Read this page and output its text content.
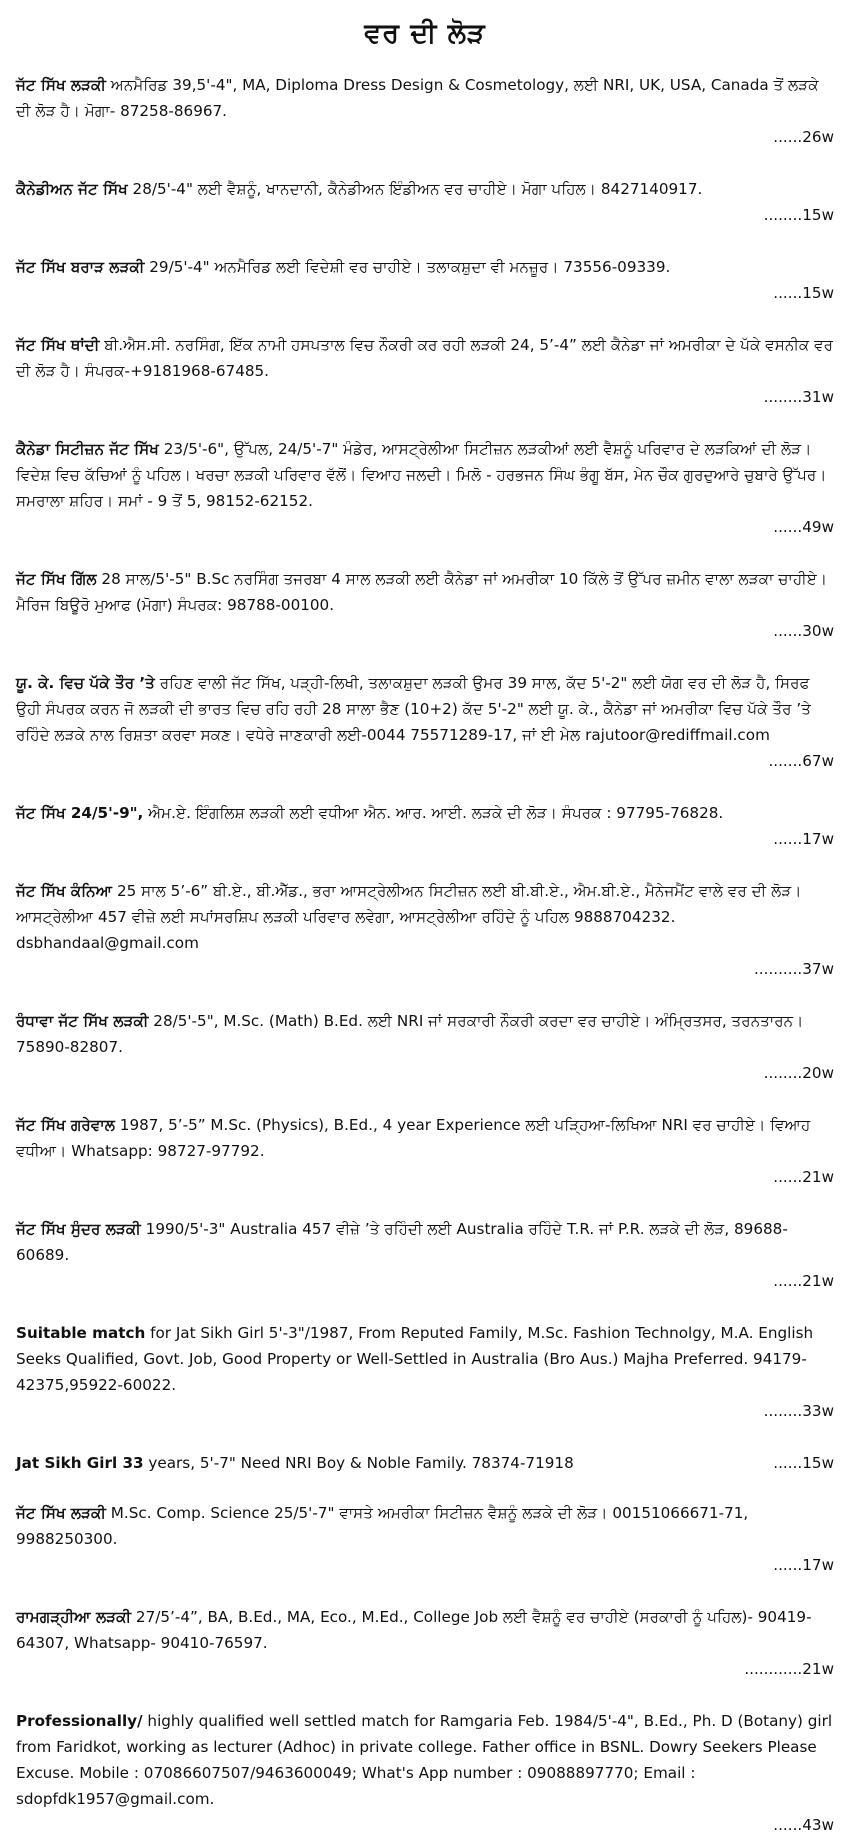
ਵਰ ਦੀ ਲੋੜ
ਜੱਟ ਸਿੱਖ ਲੜਕੀ ਅਨਮੈਰਿਡ 39,5'-4", MA, Diploma Dress Design & Cosmetology, ਲਈ NRI, UK, USA, Canada ਤੋਂ ਲੜਕੇ ਦੀ ਲੋੜ ਹੈ। ਮੋਗਾ- 87258-86967.
......26w
ਕੈਨੇਡੀਅਨ ਜੱਟ ਸਿੱਖ 28/5'-4" ਲਈ ਵੈਸ਼ਨੂੰ, ਖਾਨਦਾਨੀ, ਕੈਨੇਡੀਅਨ ਇੰਡੀਅਨ ਵਰ ਚਾਹੀਏ। ਮੋਗਾ ਪਹਿਲ। 8427140917.
........15w
ਜੱਟ ਸਿੱਖ ਬਰਾੜ ਲੜਕੀ 29/5'-4" ਅਨਮੈਰਿਡ ਲਈ ਵਿਦੇਸ਼ੀ ਵਰ ਚਾਹੀਏ। ਤਲਾਕਸ਼ੁਦਾ ਵੀ ਮਨਜ਼ੂਰ। 73556-09339.
......15w
ਜੱਟ ਸਿੱਖ ਥਾਂਦੀ ਬੀ.ਐਸ.ਸੀ. ਨਰਸਿੰਗ, ਇੱਕ ਨਾਮੀ ਹਸਪਤਾਲ ਵਿਚ ਨੌਕਰੀ ਕਰ ਰਹੀ ਲੜਕੀ 24, 5’-4” ਲਈ ਕੈਨੇਡਾ ਜਾਂ ਅਮਰੀਕਾ ਦੇ ਪੱਕੇ ਵਸਨੀਕ ਵਰ ਦੀ ਲੋੜ ਹੈ। ਸੰਪਰਕ-+9181968-67485.
........31w
ਕੈਨੇਡਾ ਸਿਟੀਜ਼ਨ ਜੱਟ ਸਿੱਖ 23/5'-6", ਉੱਪਲ, 24/5'-7" ਮੰਡੇਰ, ਆਸਟ੍ਰੇਲੀਆ ਸਿਟੀਜ਼ਨ ਲੜਕੀਆਂ ਲਈ ਵੈਸ਼ਨੂੰ ਪਰਿਵਾਰ ਦੇ ਲੜਕਿਆਂ ਦੀ ਲੋੜ। ਵਿਦੇਸ਼ ਵਿਚ ਕੱਚਿਆਂ ਨੂੰ ਪਹਿਲ। ਖਰਚਾ ਲੜਕੀ ਪਰਿਵਾਰ ਵੱਲੋਂ। ਵਿਆਹ ਜਲਦੀ। ਮਿਲੋ - ਹਰਭਜਨ ਸਿੰਘ ਭੰਗੂ ਬੱਸ, ਮੇਨ ਚੌਕ ਗੁਰਦੁਆਰੇ ਚੁਬਾਰੇ ਉੱਪਰ। ਸਮਰਾਲਾ ਸ਼ਹਿਰ। ਸਮਾਂ - 9 ਤੋਂ 5, 98152-62152.
......49w
ਜੱਟ ਸਿੱਖ ਗਿੱਲ 28 ਸਾਲ/5'-5" B.Sc ਨਰਸਿੰਗ ਤਜਰਬਾ 4 ਸਾਲ ਲੜਕੀ ਲਈ ਕੈਨੇਡਾ ਜਾਂ ਅਮਰੀਕਾ 10 ਕਿੱਲੇ ਤੋਂ ਉੱਪਰ ਜ਼ਮੀਨ ਵਾਲਾ ਲੜਕਾ ਚਾਹੀਏ। ਮੈਰਿਜ ਬਿਊਰੋ ਮੁਆਫ (ਮੋਗਾ) ਸੰਪਰਕ: 98788-00100.
......30w
ਯੂ. ਕੇ. ਵਿਚ ਪੱਕੇ ਤੌਰ ’ਤੇ ਰਹਿਣ ਵਾਲੀ ਜੱਟ ਸਿੱਖ, ਪੜ੍ਹੀ-ਲਿਖੀ, ਤਲਾਕਸ਼ੁਦਾ ਲੜਕੀ ਉਮਰ 39 ਸਾਲ, ਕੱਦ 5'-2" ਲਈ ਯੋਗ ਵਰ ਦੀ ਲੋੜ ਹੈ, ਸਿਰਫ ਉਹੀ ਸੰਪਰਕ ਕਰਨ ਜੋ ਲੜਕੀ ਦੀ ਭਾਰਤ ਵਿਚ ਰਹਿ ਰਹੀ 28 ਸਾਲਾ ਭੈਣ (10+2) ਕੱਦ 5'-2" ਲਈ ਯੂ. ਕੇ., ਕੈਨੇਡਾ ਜਾਂ ਅਮਰੀਕਾ ਵਿਚ ਪੱਕੇ ਤੌਰ ’ਤੇ ਰਹਿੰਦੇ ਲੜਕੇ ਨਾਲ ਰਿਸ਼ਤਾ ਕਰਵਾ ਸਕਣ। ਵਧੇਰੇ ਜਾਣਕਾਰੀ ਲਈ-0044 75571289-17, ਜਾਂ ਈ ਮੇਲ rajutoor@rediffmail.com
.......67w
ਜੱਟ ਸਿੱਖ 24/5'-9", ਐਮ.ਏ. ਇੰਗਲਿਸ਼ ਲੜਕੀ ਲਈ ਵਧੀਆ ਐਨ. ਆਰ. ਆਈ. ਲੜਕੇ ਦੀ ਲੋੜ। ਸੰਪਰਕ : 97795-76828.
......17w
ਜੱਟ ਸਿੱਖ ਕੰਨਿਆ 25 ਸਾਲ 5’-6” ਬੀ.ਏ., ਬੀ.ਐੱਡ., ਭਰਾ ਆਸਟ੍ਰੇਲੀਅਨ ਸਿਟੀਜ਼ਨ ਲਈ ਬੀ.ਬੀ.ਏ., ਐਮ.ਬੀ.ਏ., ਮੈਨੇਜਮੈਂਟ ਵਾਲੇ ਵਰ ਦੀ ਲੋੜ। ਆਸਟ੍ਰੇਲੀਆ 457 ਵੀਜ਼ੇ ਲਈ ਸਪਾਂਸਰਸ਼ਿਪ ਲੜਕੀ ਪਰਿਵਾਰ ਲਵੇਗਾ, ਆਸਟ੍ਰੇਲੀਆ ਰਹਿੰਦੇ ਨੂੰ ਪਹਿਲ 9888704232. dsbhandaal@gmail.com
..........37w
ਰੰਧਾਵਾ ਜੱਟ ਸਿੱਖ ਲੜਕੀ 28/5'-5", M.Sc. (Math) B.Ed. ਲਈ NRI ਜਾਂ ਸਰਕਾਰੀ ਨੌਕਰੀ ਕਰਦਾ ਵਰ ਚਾਹੀਏ। ਅੰਮ੍ਰਿਤਸਰ, ਤਰਨਤਾਰਨ। 75890-82807.
........20w
ਜੱਟ ਸਿੱਖ ਗਰੇਵਾਲ 1987, 5’-5” M.Sc. (Physics), B.Ed., 4 year Experience ਲਈ ਪੜ੍ਹਿਆ-ਲਿਖਿਆ NRI ਵਰ ਚਾਹੀਏ। ਵਿਆਹ ਵਧੀਆ। Whatsapp: 98727-97792.
......21w
ਜੱਟ ਸਿੱਖ ਸੁੰਦਰ ਲੜਕੀ 1990/5'-3" Australia 457 ਵੀਜ਼ੇ ’ਤੇ ਰਹਿੰਦੀ ਲਈ Australia ਰਹਿੰਦੇ T.R. ਜਾਂ P.R. ਲੜਕੇ ਦੀ ਲੋੜ, 89688-60689.
......21w
Suitable match for Jat Sikh Girl 5'-3"/1987, From Reputed Family, M.Sc. Fashion Technolgy, M.A. English Seeks Qualified, Govt. Job, Good Property or Well-Settled in Australia (Bro Aus.) Majha Preferred. 94179-42375,95922-60022.
........33w
Jat Sikh Girl 33 years, 5'-7" Need NRI Boy & Noble Family. 78374-71918	......15w
ਜੱਟ ਸਿੱਖ ਲੜਕੀ M.Sc. Comp. Science 25/5'-7" ਵਾਸਤੇ ਅਮਰੀਕਾ ਸਿਟੀਜ਼ਨ ਵੈਸ਼ਨੂੰ ਲੜਕੇ ਦੀ ਲੋੜ। 00151066671-71, 9988250300.
......17w
ਰਾਮਗੜ੍ਹੀਆ ਲੜਕੀ 27/5’-4”, BA, B.Ed., MA, Eco., M.Ed., College Job ਲਈ ਵੈਸ਼ਨੂੰ ਵਰ ਚਾਹੀਏ (ਸਰਕਾਰੀ ਨੂੰ ਪਹਿਲ)- 90419-64307, Whatsapp- 90410-76597.
............21w
Professionally/ highly qualified well settled match for Ramgaria Feb. 1984/5'-4", B.Ed., Ph. D (Botany) girl from Faridkot, working as lecturer (Adhoc) in private college. Father office in BSNL. Dowry Seekers Please Excuse. Mobile : 07086607507/9463600049; What's App number : 09088897770; Email : sdopfdk1957@gmail.com.
......43w
